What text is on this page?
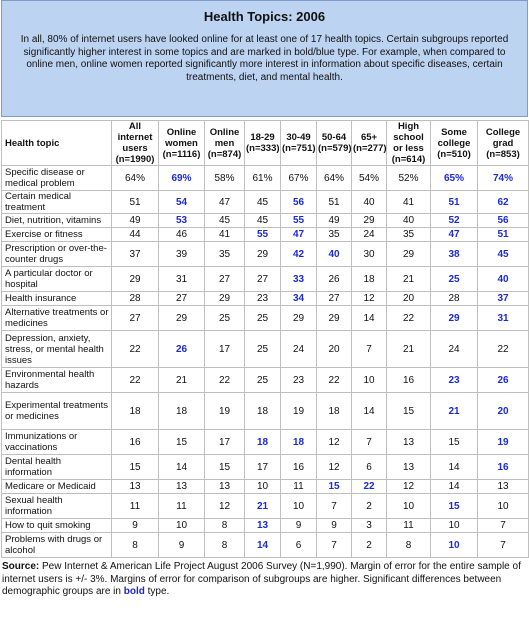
Health Topics: 2006

In all, 80% of internet users have looked online for at least one of 17 health topics. Certain subgroups reported significantly higher interest in some topics and are marked in bold/blue type. For example, when compared to online men, online women reported significantly more interest in information about specific diseases, certain treatments, diet, and mental health.

Health topic	All internet users (n=1990)	Online women (n=1116)	Online men (n=874)	18-29 (n=333)	30-49 (n=751)	50-64 (n=579)	65+ (n=277)	High school or less (n=614)	Some college (n=510)	College grad (n=853)
Specific disease or medical problem	64%	69%	58%	61%	67%	64%	54%	52%	65%	74%
Certain medical treatment	51	54	47	45	56	51	40	41	51	62
Diet, nutrition, vitamins	49	53	45	45	55	49	29	40	52	56
Exercise or fitness	44	46	41	55	47	35	24	35	47	51
Prescription or over-the-counter drugs	37	39	35	29	42	40	30	29	38	45
A particular doctor or hospital	29	31	27	27	33	26	18	21	25	40
Health insurance	28	27	29	23	34	27	12	20	28	37
Alternative treatments or medicines	27	29	25	25	29	29	14	22	29	31
Depression, anxiety, stress, or mental health issues	22	26	17	25	24	20	7	21	24	22
Environmental health hazards	22	21	22	25	23	22	10	16	23	26
Experimental treatments or medicines	18	18	19	18	19	18	14	15	21	20
Immunizations or vaccinations	16	15	17	18	18	12	7	13	15	19
Dental health information	15	14	15	17	16	12	6	13	14	16
Medicare or Medicaid	13	13	13	10	11	15	22	12	14	13
Sexual health information	11	11	12	21	10	7	2	10	15	10
How to quit smoking	9	10	8	13	9	9	3	11	10	7
Problems with drugs or alcohol	8	9	8	14	6	7	2	8	10	7
Source: Pew Internet & American Life Project August 2006 Survey (N=1,990). Margin of error for the entire sample of internet users is +/- 3%. Margins of error for comparison of subgroups are higher. Significant differences between demographic groups are in bold type.
